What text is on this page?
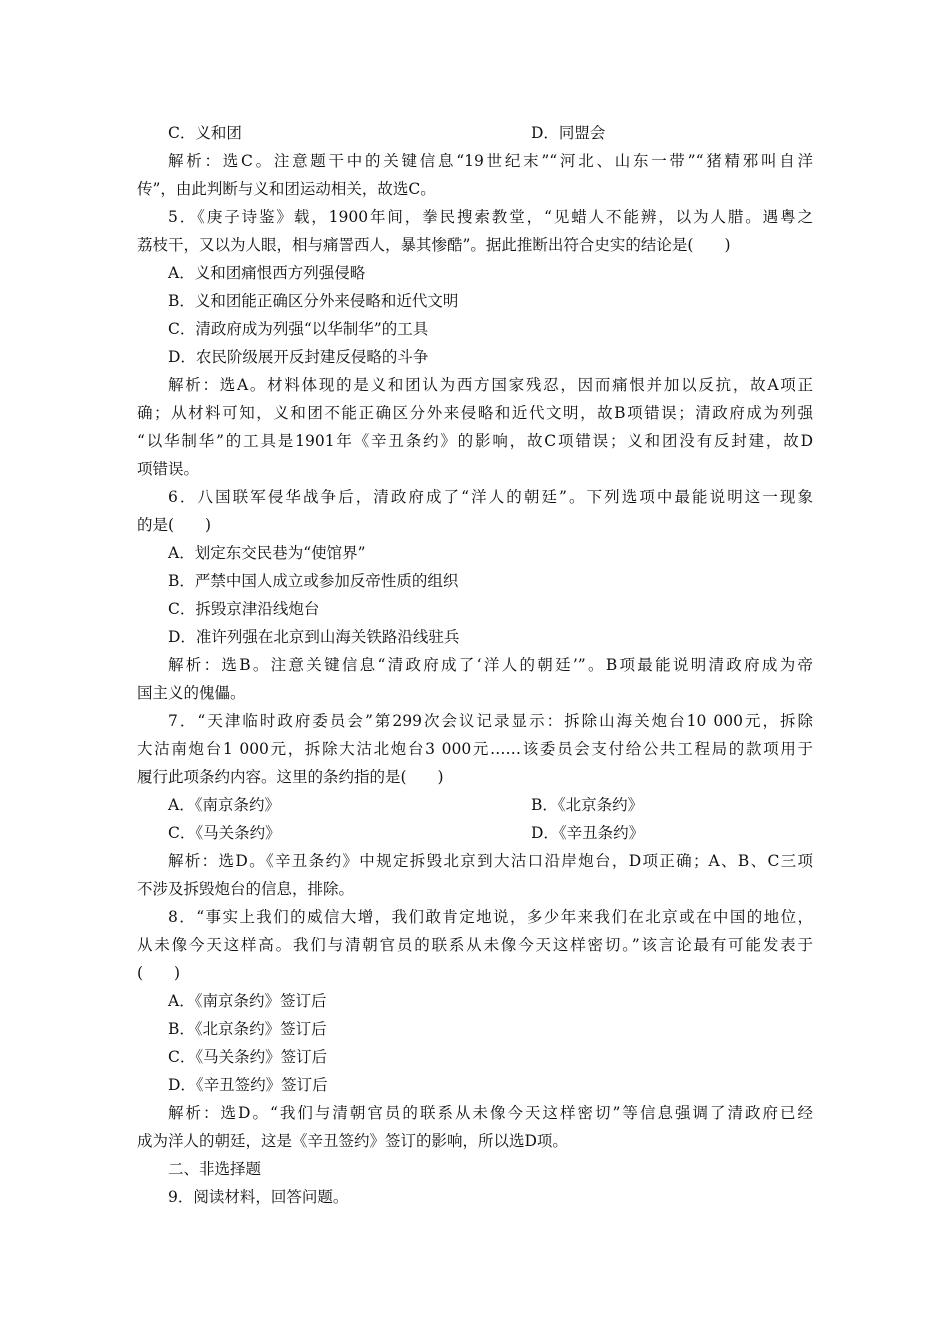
C．义和团	D．同盟会
解析：选C。注意题干中的关键信息“19世纪末”“河北、山东一带”“猪精邪叫自洋
传”，由此判断与义和团运动相关，故选C。
5．《庚子诗鉴》载，1900年间，拳民搜索教堂，“见蜡人不能辨，以为人腊。遇粤之
荔枝干，又以为人眼，相与痛詈西人，暴其惨酷”。据此推断出符合史实的结论是(　　)
A．义和团痛恨西方列强侵略
B．义和团能正确区分外来侵略和近代文明
C．清政府成为列强“以华制华”的工具
D．农民阶级展开反封建反侵略的斗争
解析：选A。材料体现的是义和团认为西方国家残忍，因而痛恨并加以反抗，故A项正
确；从材料可知，义和团不能正确区分外来侵略和近代文明，故B项错误；清政府成为列强
“以华制华”的工具是1901年《辛丑条约》的影响，故C项错误；义和团没有反封建，故D
项错误。
6．八国联军侵华战争后，清政府成了“洋人的朝廷”。下列选项中最能说明这一现象
的是(　　)
A．划定东交民巷为“使馆界”
B．严禁中国人成立或参加反帝性质的组织
C．拆毁京津沿线炮台
D．准许列强在北京到山海关铁路沿线驻兵
解析：选B。注意关键信息“清政府成了‘洋人的朝廷’”。B项最能说明清政府成为帝
国主义的傀儡。
7．“天津临时政府委员会”第299次会议记录显示：拆除山海关炮台10 000元，拆除
大沽南炮台1 000元，拆除大沽北炮台3 000元……该委员会支付给公共工程局的款项用于
履行此项条约内容。这里的条约指的是(　　)
A．《南京条约》	B．《北京条约》
C．《马关条约》	D．《辛丑条约》
解析：选D。《辛丑条约》中规定拆毁北京到大沽口沿岸炮台，D项正确；A、B、C三项
不涉及拆毁炮台的信息，排除。
8．“事实上我们的威信大增，我们敢肯定地说，多少年来我们在北京或在中国的地位，
从未像今天这样高。我们与清朝官员的联系从未像今天这样密切。”该言论最有可能发表于
(　　)
A．《南京条约》签订后
B．《北京条约》签订后
C．《马关条约》签订后
D．《辛丑签约》签订后
解析：选D。“我们与清朝官员的联系从未像今天这样密切”等信息强调了清政府已经
成为洋人的朝廷，这是《辛丑签约》签订的影响，所以选D项。
二、非选择题
9．阅读材料，回答问题。
